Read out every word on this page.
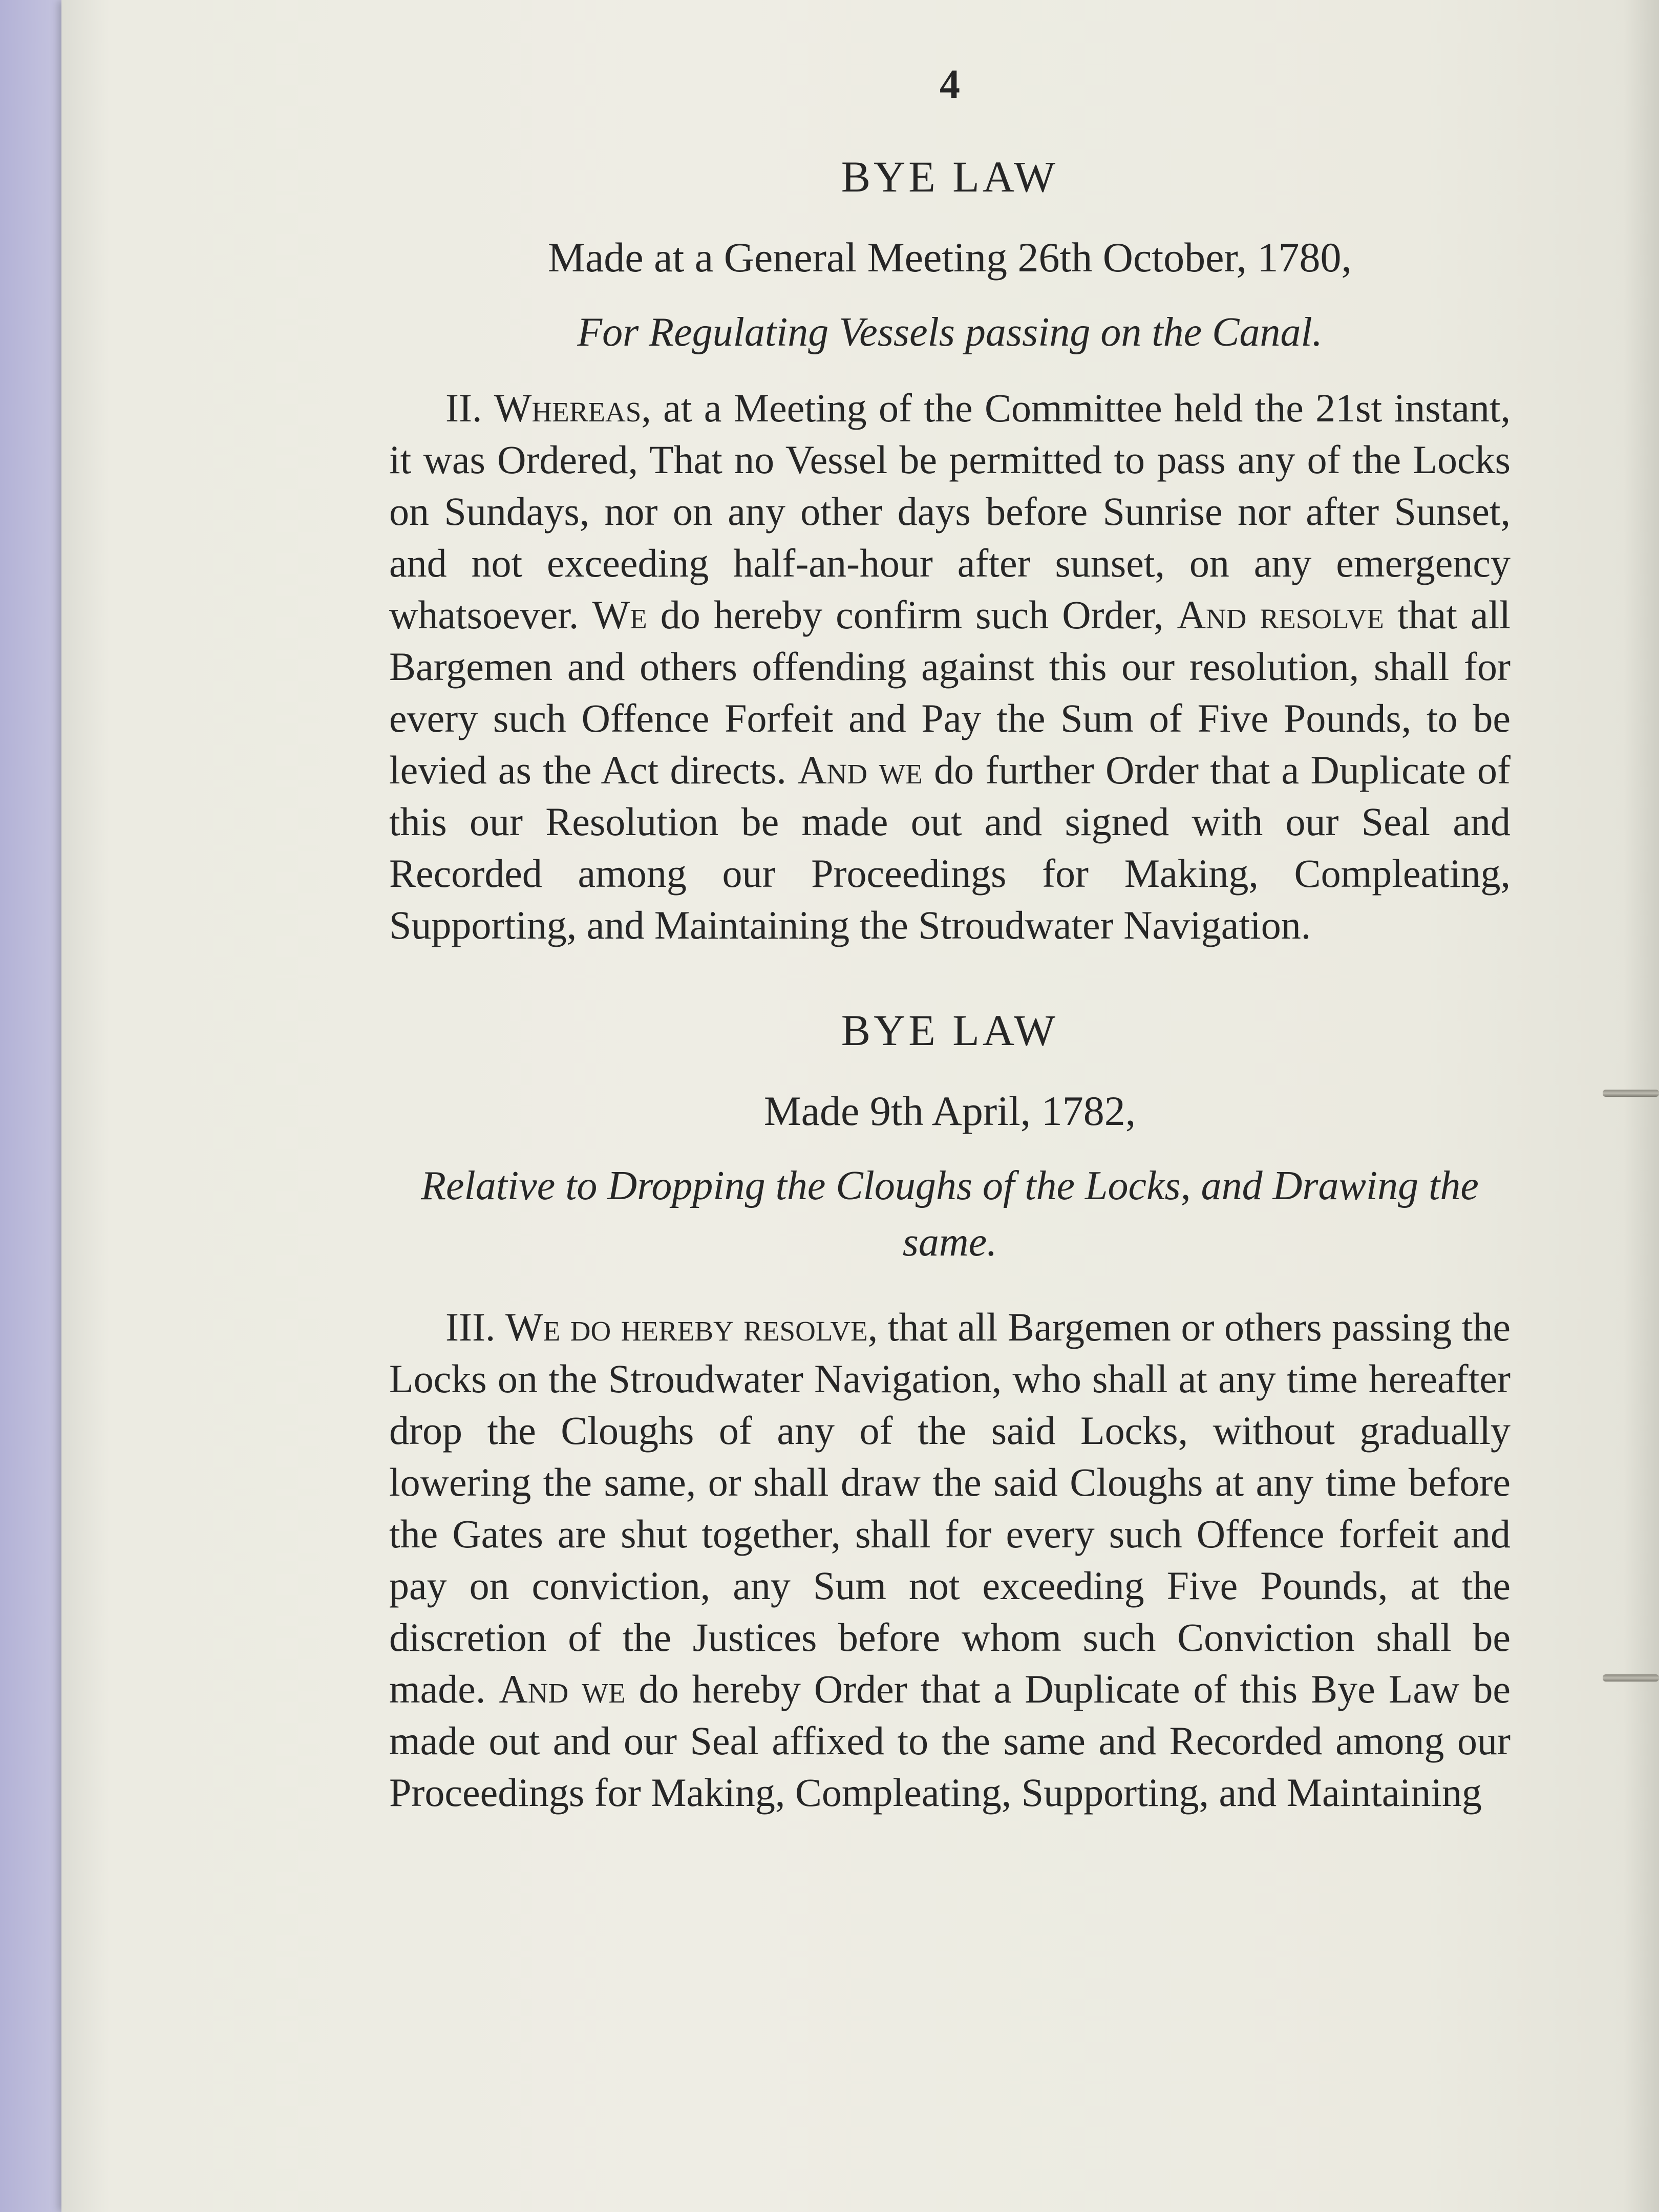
4
BYE LAW
Made at a General Meeting 26th October, 1780,
For Regulating Vessels passing on the Canal.

II. Whereas, at a Meeting of the Committee held the 21st instant, it was Ordered, That no Vessel be permitted to pass any of the Locks on Sundays, nor on any other days before Sunrise nor after Sunset, and not exceeding half-an-hour after sunset, on any emergency whatsoever. We do hereby confirm such Order, And resolve that all Bargemen and others offending against this our resolution, shall for every such Offence Forfeit and Pay the Sum of Five Pounds, to be levied as the Act directs. And we do further Order that a Duplicate of this our Resolution be made out and signed with our Seal and Recorded among our Proceedings for Making, Compleating, Supporting, and Maintaining the Stroudwater Navigation.

BYE LAW
Made 9th April, 1782,
Relative to Dropping the Cloughs of the Locks, and Drawing the same.

III. We do hereby resolve, that all Bargemen or others passing the Locks on the Stroudwater Navigation, who shall at any time hereafter drop the Cloughs of any of the said Locks, without gradually lowering the same, or shall draw the said Cloughs at any time before the Gates are shut together, shall for every such Offence forfeit and pay on conviction, any Sum not exceeding Five Pounds, at the discretion of the Justices before whom such Conviction shall be made. And we do hereby Order that a Duplicate of this Bye Law be made out and our Seal affixed to the same and Recorded among our Proceedings for Making, Compleating, Supporting, and Maintaining
